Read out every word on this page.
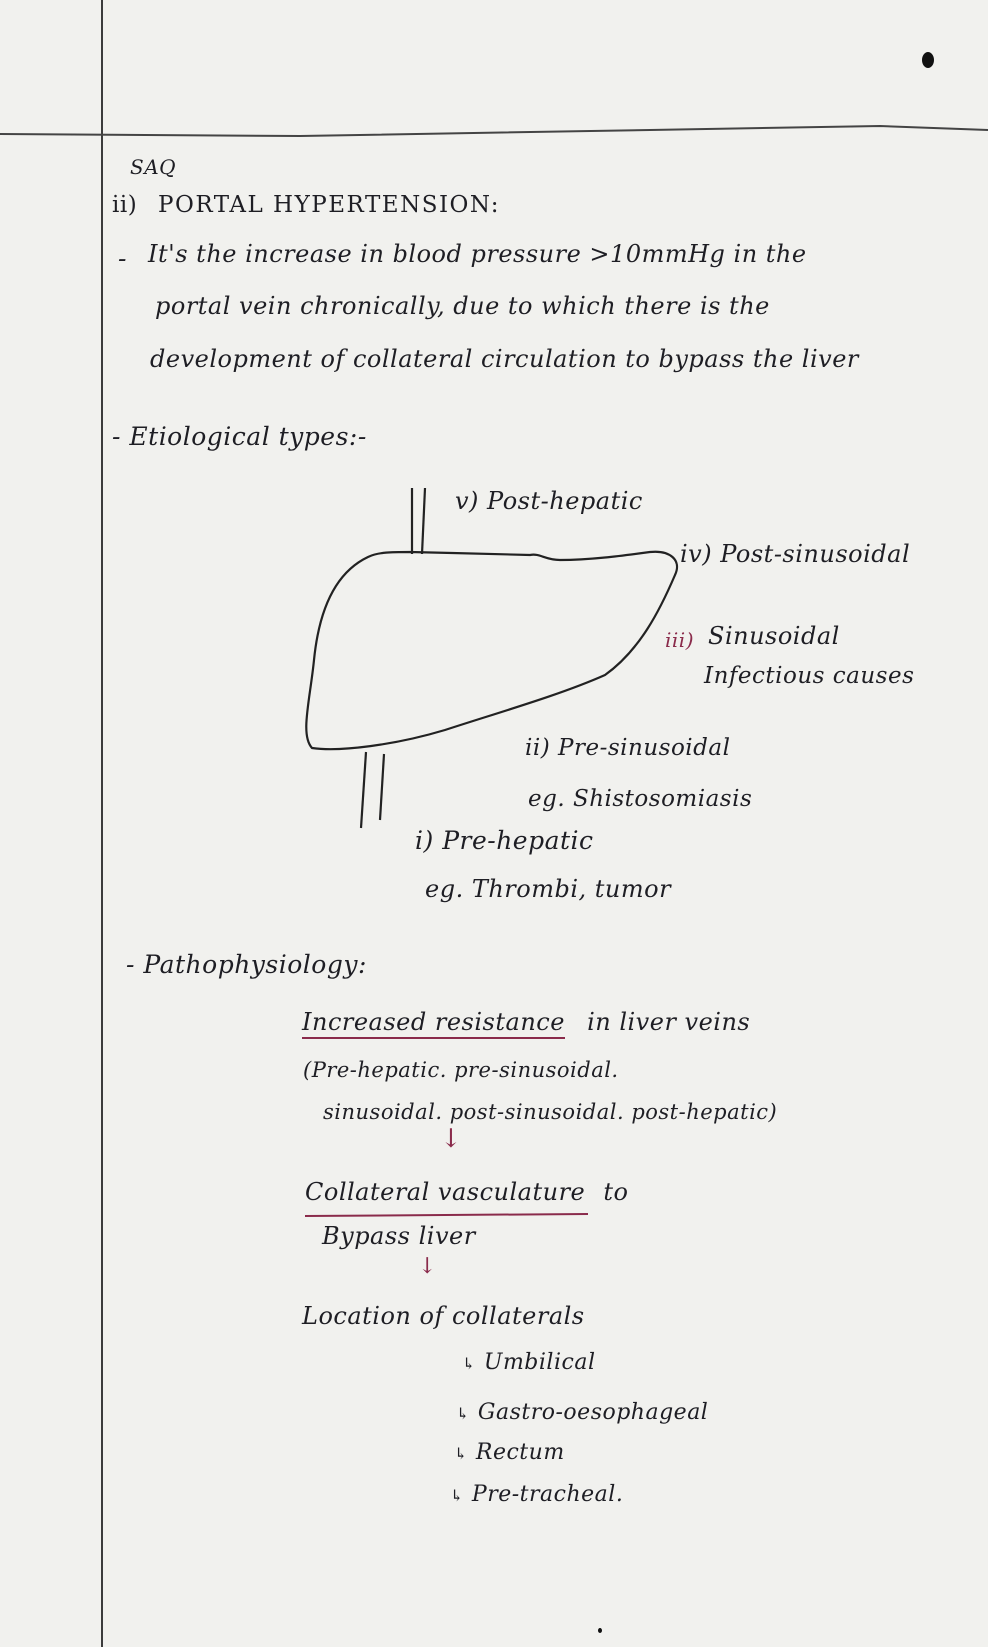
SAQ
ii) PORTAL HYPERTENSION:
- It's the increase in blood pressure >10mmHg in the
portal vein chronically, due to which there is the
development of collateral circulation to bypass the liver
- Etiological types:-
v) Post-hepatic
iv) Post-sinusoidal
iii) Sinusoidal
Infectious causes
ii) Pre-sinusoidal
eg. Shistosomiasis
i) Pre-hepatic
eg. Thrombi, tumor
- Pathophysiology:
Increased resistance in liver veins
(Pre-hepatic. pre-sinusoidal.
sinusoidal. post-sinusoidal. post-hepatic)
↓
Collateral vasculature to
Bypass liver
↓
Location of collaterals
↳ Umbilical
↳ Gastro-oesophageal
↳ Rectum
↳ Pre-tracheal.
